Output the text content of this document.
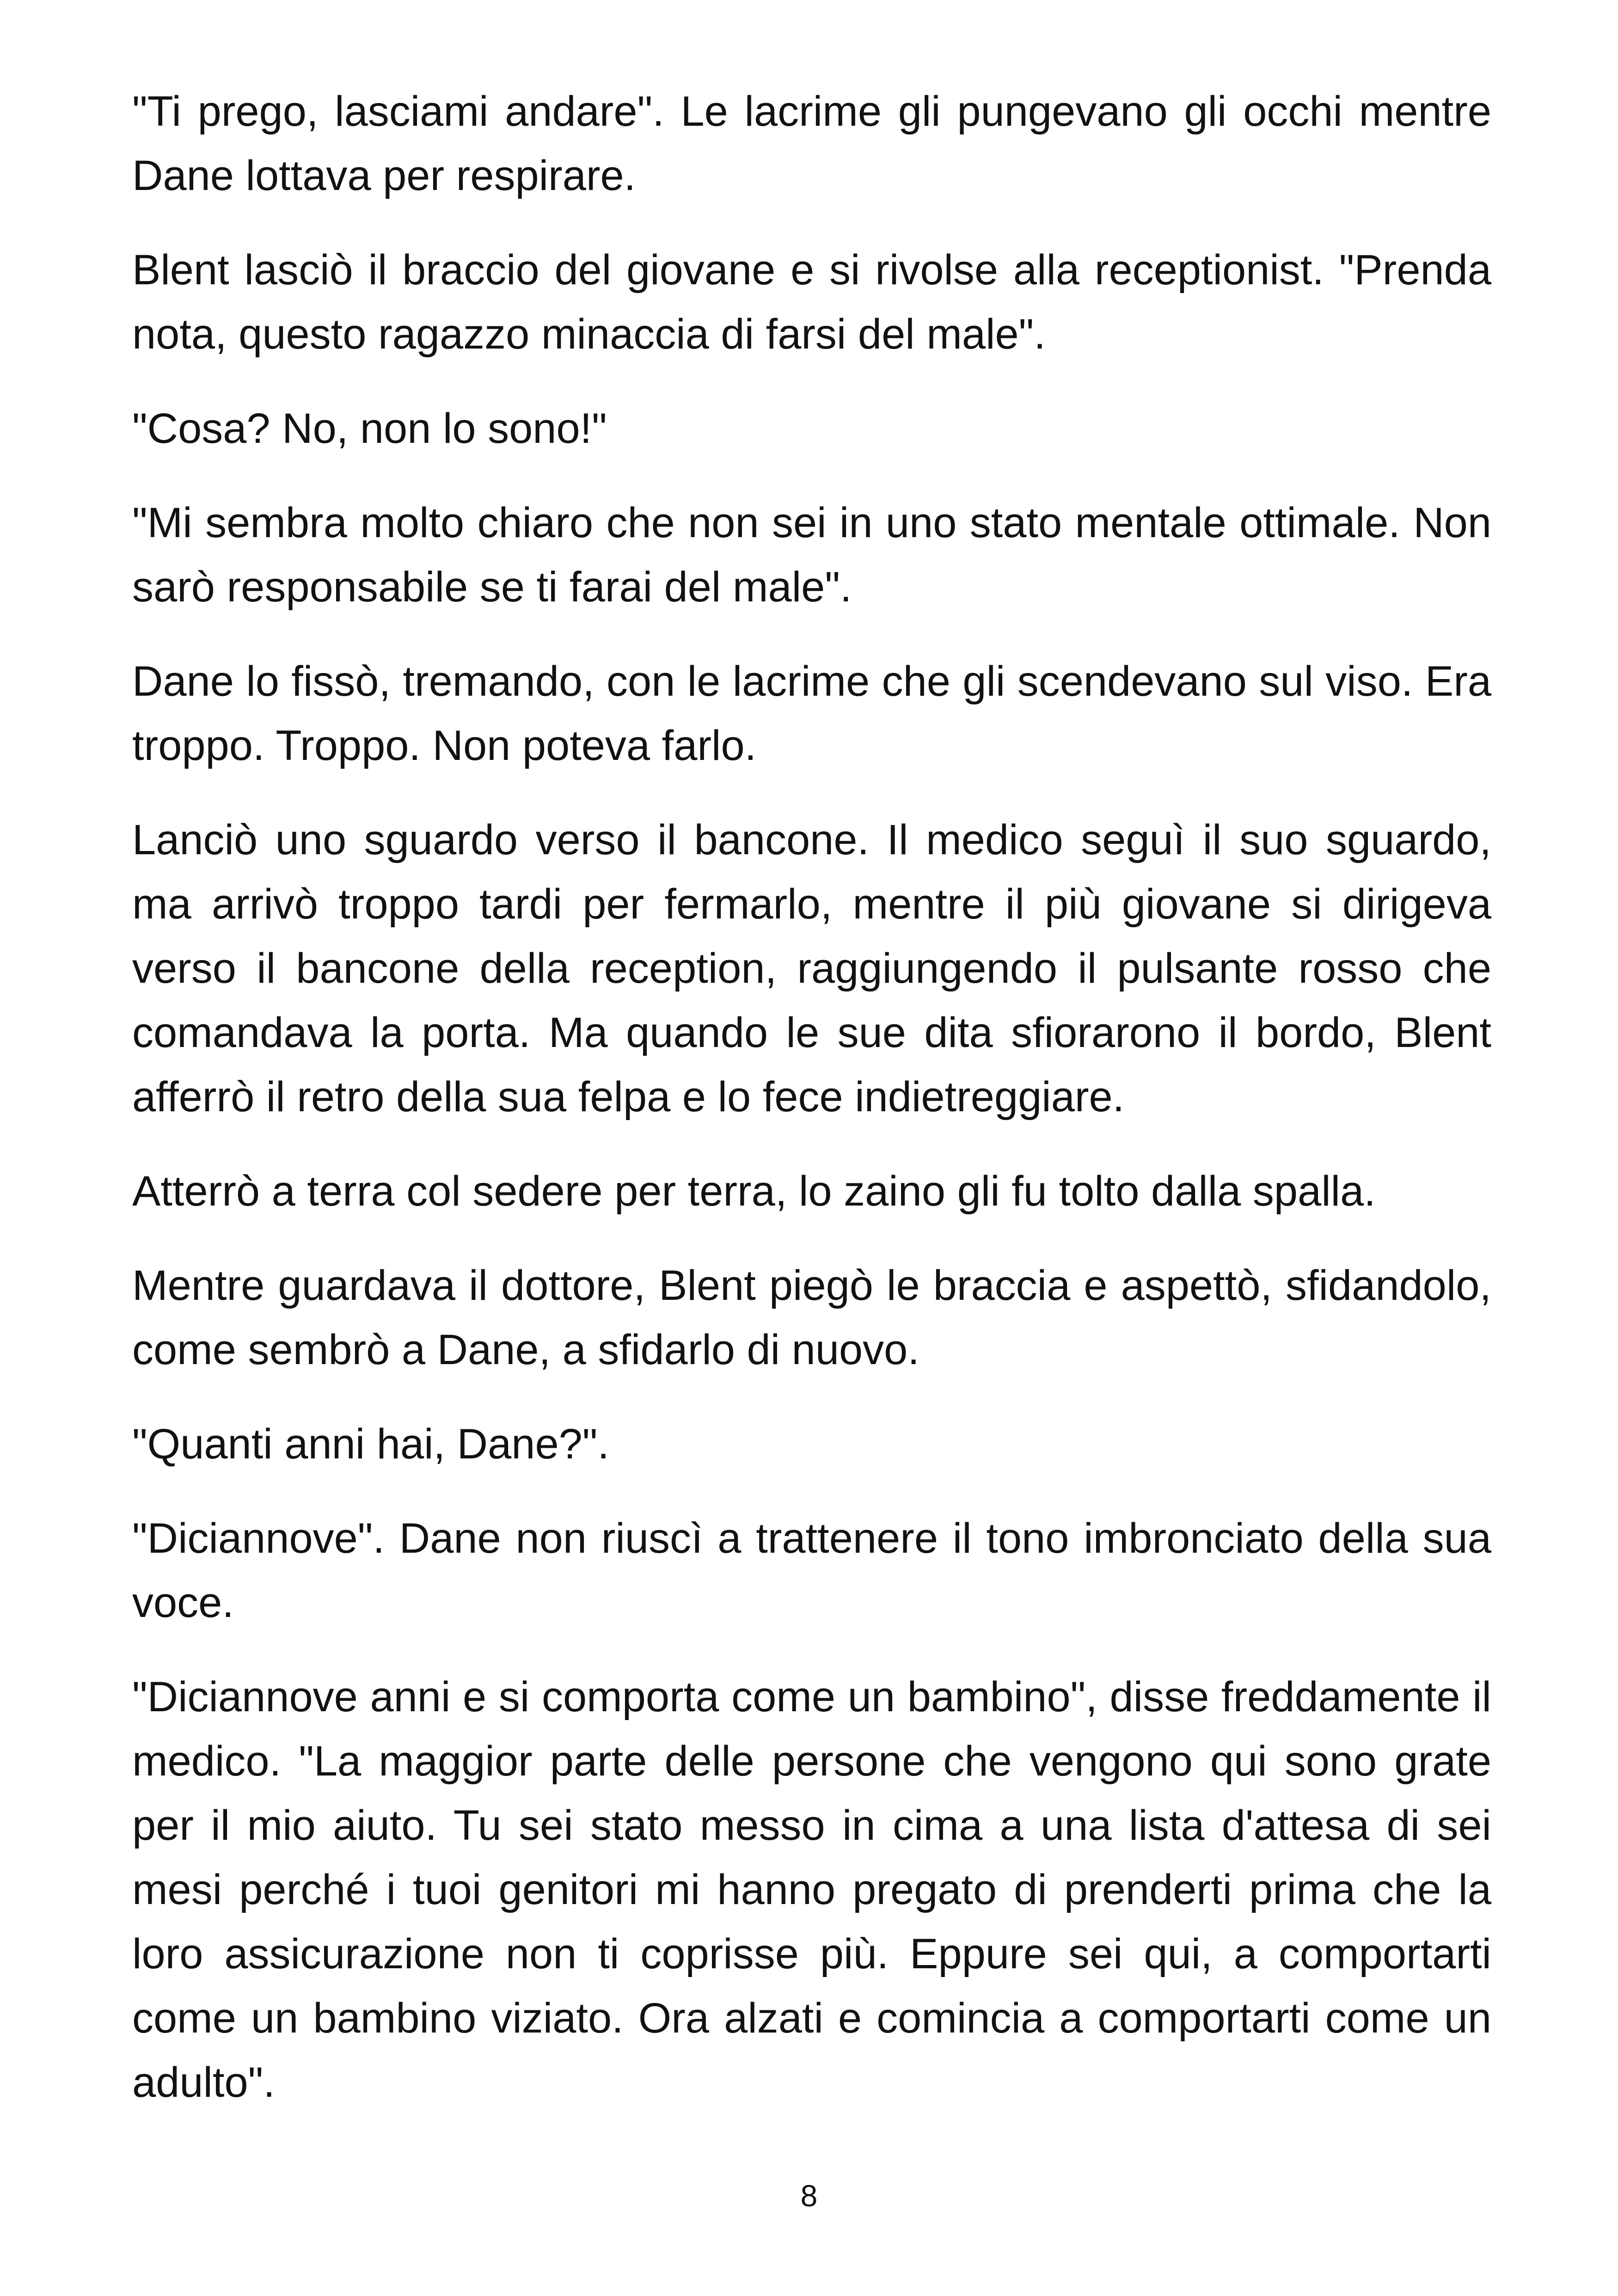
"Ti prego, lasciami andare". Le lacrime gli pungevano gli occhi mentre Dane lottava per respirare.

Blent lasciò il braccio del giovane e si rivolse alla receptionist. "Prenda nota, questo ragazzo minaccia di farsi del male".

"Cosa? No, non lo sono!"

"Mi sembra molto chiaro che non sei in uno stato mentale ottimale. Non sarò responsabile se ti farai del male".

Dane lo fissò, tremando, con le lacrime che gli scendevano sul viso. Era troppo. Troppo. Non poteva farlo.

Lanciò uno sguardo verso il bancone. Il medico seguì il suo sguardo, ma arrivò troppo tardi per fermarlo, mentre il più giovane si dirigeva verso il bancone della reception, raggiungendo il pulsante rosso che comandava la porta. Ma quando le sue dita sfiorarono il bordo, Blent afferrò il retro della sua felpa e lo fece indietreggiare.

Atterrò a terra col sedere per terra, lo zaino gli fu tolto dalla spalla.

Mentre guardava il dottore, Blent piegò le braccia e aspettò, sfidandolo, come sembrò a Dane, a sfidarlo di nuovo.

"Quanti anni hai, Dane?".

"Diciannove". Dane non riuscì a trattenere il tono imbronciato della sua voce.

"Diciannove anni e si comporta come un bambino", disse freddamente il medico. "La maggior parte delle persone che vengono qui sono grate per il mio aiuto. Tu sei stato messo in cima a una lista d'attesa di sei mesi perché i tuoi genitori mi hanno pregato di prenderti prima che la loro assicurazione non ti coprisse più. Eppure sei qui, a comportarti come un bambino viziato. Ora alzati e comincia a comportarti come un adulto".

8
